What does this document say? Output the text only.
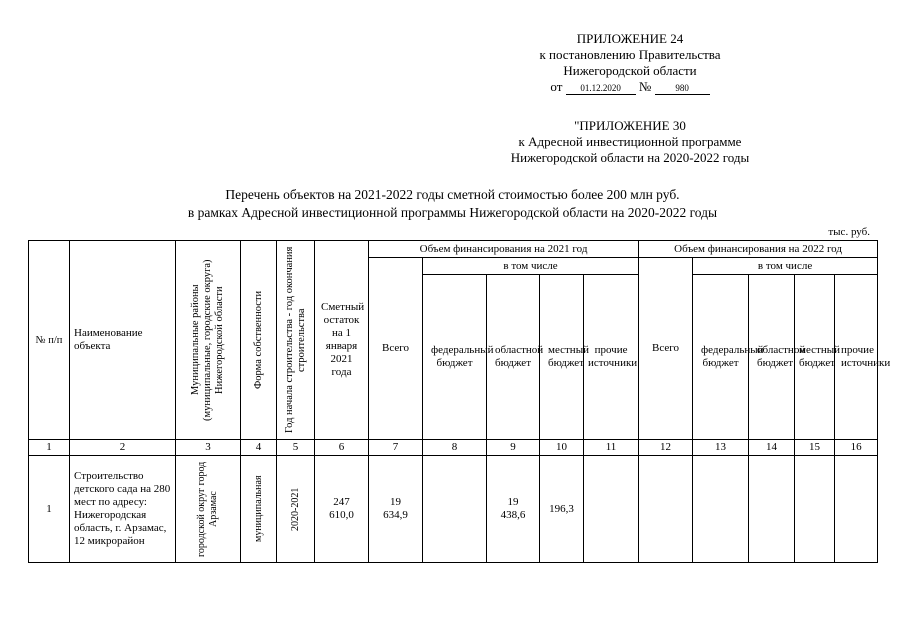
ПРИЛОЖЕНИЕ 24
к постановлению Правительства
Нижегородской области
от 01.12.2020 №	980
"ПРИЛОЖЕНИЕ 30
к Адресной инвестиционной программе
Нижегородской области на 2020-2022 годы
Перечень объектов на 2021-2022 годы сметной стоимостью более 200 млн руб.
в рамках Адресной инвестиционной программы Нижегородской области на 2020-2022 годы
тыс. руб.
№ п/п	Наименование объекта	Муниципальные районы (муниципальные, городские округа) Нижегородской области	Форма собственности	Год начала строительства - год окончания строительства	Сметный остаток на 1 января 2021 года	Объем финансирования на 2021 год					Объем финансирования на 2022 год				
						Всего	в том числе				Всего	в том числе			
							федеральный бюджет	областной бюджет	местный бюджет	прочие источники		федеральный бюджет	областной бюджет	местный бюджет	прочие источники
1	2	3	4	5	6	7	8	9	10	11	12	13	14	15	16
1	Строительство детского сада на 280 мест по адресу: Нижегородская область, г. Арзамас, 12 микрорайон	городской округ город Арзамас	муниципальная	2020-2021	247 610,0	19 634,9		19 438,6	196,3						
